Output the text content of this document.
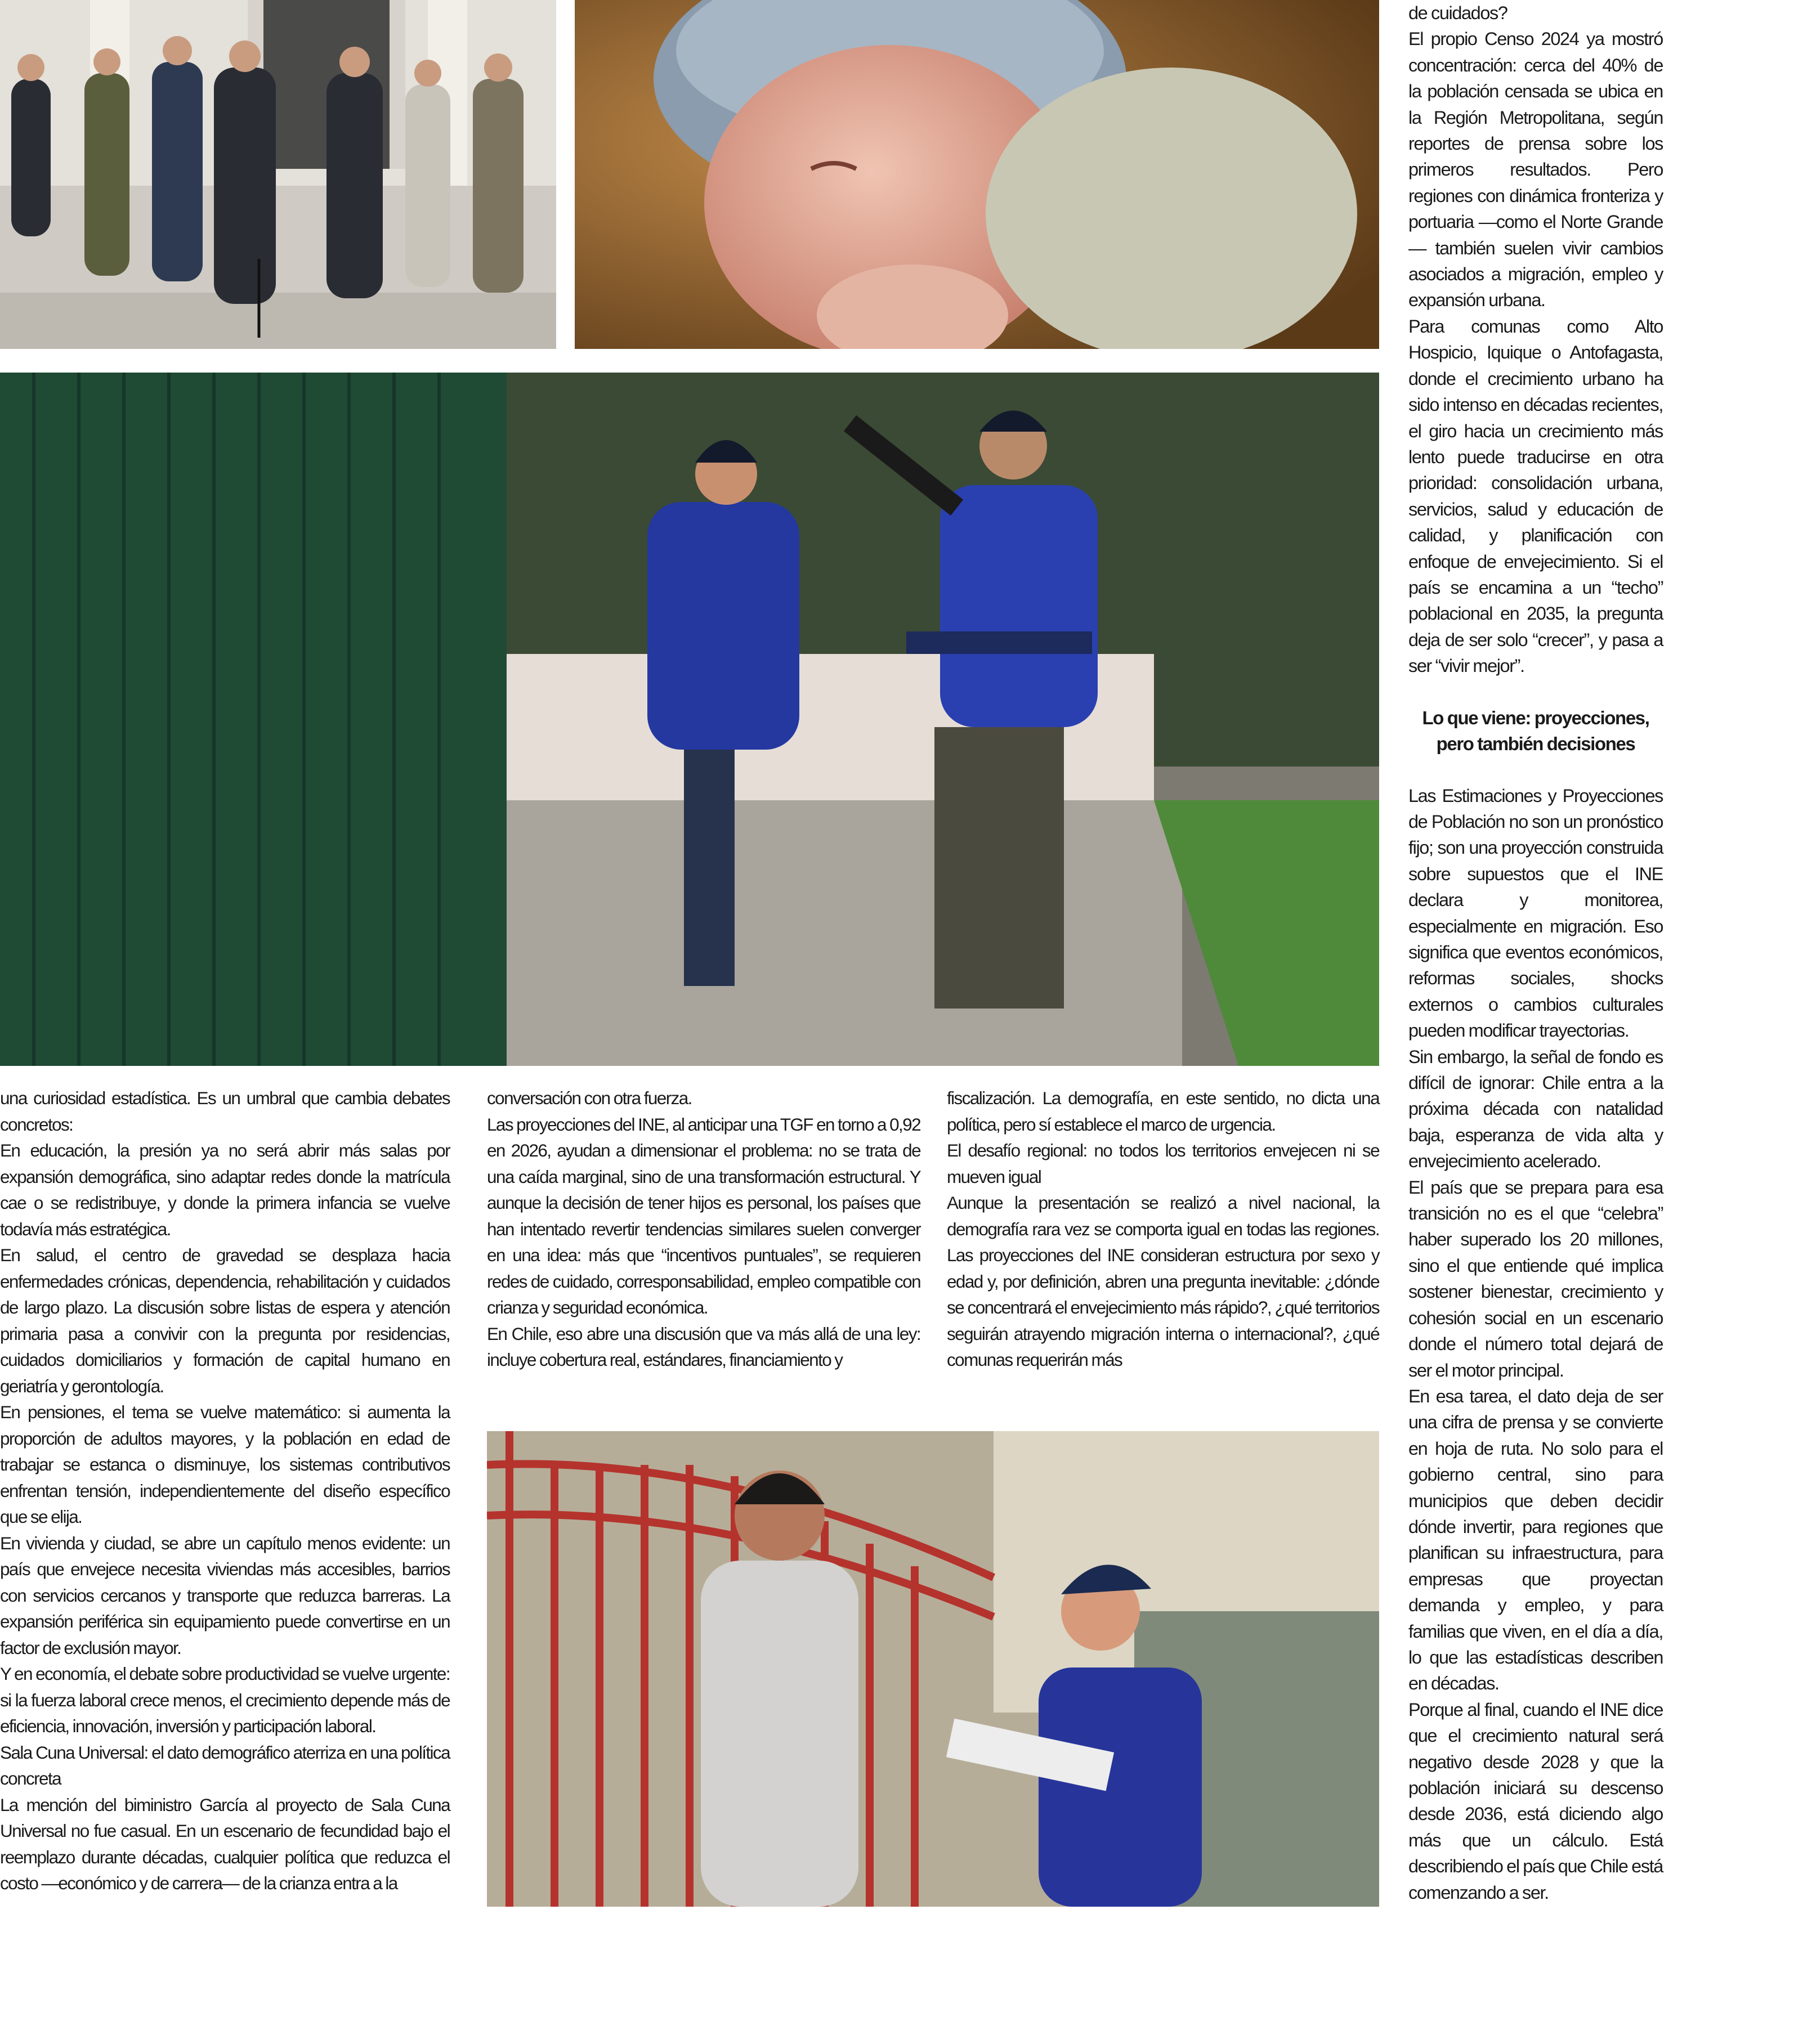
una curiosidad estadística. Es un umbral que cambia debates concretos:

En educación, la presión ya no será abrir más salas por expansión demográfica, sino adaptar redes donde la matrícula cae o se redistribuye, y donde la primera infancia se vuelve todavía más estratégica.

En salud, el centro de gravedad se desplaza hacia enfermedades crónicas, dependencia, rehabilitación y cuidados de largo plazo. La discusión sobre listas de espera y atención primaria pasa a convivir con la pregunta por residencias, cuidados domiciliarios y formación de capital humano en geriatría y gerontología.

En pensiones, el tema se vuelve matemático: si aumenta la proporción de adultos mayores, y la población en edad de trabajar se estanca o disminuye, los sistemas contributivos enfrentan tensión, independientemente del diseño específico que se elija.

En vivienda y ciudad, se abre un capítulo menos evidente: un país que envejece necesita viviendas más accesibles, barrios con servicios cercanos y transporte que reduzca barreras. La expansión periférica sin equipamiento puede convertirse en un factor de exclusión mayor.

Y en economía, el debate sobre productividad se vuelve urgente: si la fuerza laboral crece menos, el crecimiento depende más de eficiencia, innovación, inversión y participación laboral.

Sala Cuna Universal: el dato demográfico aterriza en una política concreta

La mención del biministro García al proyecto de Sala Cuna Universal no fue casual. En un escenario de fecundidad bajo el reemplazo durante décadas, cualquier política que reduzca el costo —económico y de carrera— de la crianza entra a la

conversación con otra fuerza.

Las proyecciones del INE, al anticipar una TGF en torno a 0,92 en 2026, ayudan a dimensionar el problema: no se trata de una caída marginal, sino de una transformación estructural. Y aunque la decisión de tener hijos es personal, los países que han intentado revertir tendencias similares suelen converger en una idea: más que “incentivos puntuales”, se requieren redes de cuidado, corresponsabilidad, empleo compatible con crianza y seguridad económica.

En Chile, eso abre una discusión que va más allá de una ley: incluye cobertura real, estándares, financiamiento y

fiscalización. La demografía, en este sentido, no dicta una política, pero sí establece el marco de urgencia.

El desafío regional: no todos los territorios envejecen ni se mueven igual

Aunque la presentación se realizó a nivel nacional, la demografía rara vez se comporta igual en todas las regiones. Las proyecciones del INE consideran estructura por sexo y edad y, por definición, abren una pregunta inevitable: ¿dónde se concentrará el envejecimiento más rápido?, ¿qué territorios seguirán atrayendo migración interna o internacional?, ¿qué comunas requerirán más

de cuidados?

El propio Censo 2024 ya mostró concentración: cerca del 40% de la población censada se ubica en la Región Metropolitana, según reportes de prensa sobre los primeros resultados. Pero regiones con dinámica fronteriza y portuaria —como el Norte Grande— también suelen vivir cambios asociados a migración, empleo y expansión urbana.

Para comunas como Alto Hospicio, Iquique o Antofagasta, donde el crecimiento urbano ha sido intenso en décadas recientes, el giro hacia un crecimiento más lento puede traducirse en otra prioridad: consolidación urbana, servicios, salud y educación de calidad, y planificación con enfoque de envejecimiento. Si el país se encamina a un “techo” poblacional en 2035, la pregunta deja de ser solo “crecer”, y pasa a ser “vivir mejor”.

Lo que viene: proyecciones, pero también decisiones

Las Estimaciones y Proyecciones de Población no son un pronóstico fijo; son una proyección construida sobre supuestos que el INE declara y monitorea, especialmente en migración. Eso significa que eventos económicos, reformas sociales, shocks externos o cambios culturales pueden modificar trayectorias.

Sin embargo, la señal de fondo es difícil de ignorar: Chile entra a la próxima década con natalidad baja, esperanza de vida alta y envejecimiento acelerado.

El país que se prepara para esa transición no es el que “celebra” haber superado los 20 millones, sino el que entiende qué implica sostener bienestar, crecimiento y cohesión social en un escenario donde el número total dejará de ser el motor principal.

En esa tarea, el dato deja de ser una cifra de prensa y se convierte en hoja de ruta. No solo para el gobierno central, sino para municipios que deben decidir dónde invertir, para regiones que planifican su infraestructura, para empresas que proyectan demanda y empleo, y para familias que viven, en el día a día, lo que las estadísticas describen en décadas.

Porque al final, cuando el INE dice que el crecimiento natural será negativo desde 2028 y que la población iniciará su descenso desde 2036, está diciendo algo más que un cálculo. Está describiendo el país que Chile está comenzando a ser.
